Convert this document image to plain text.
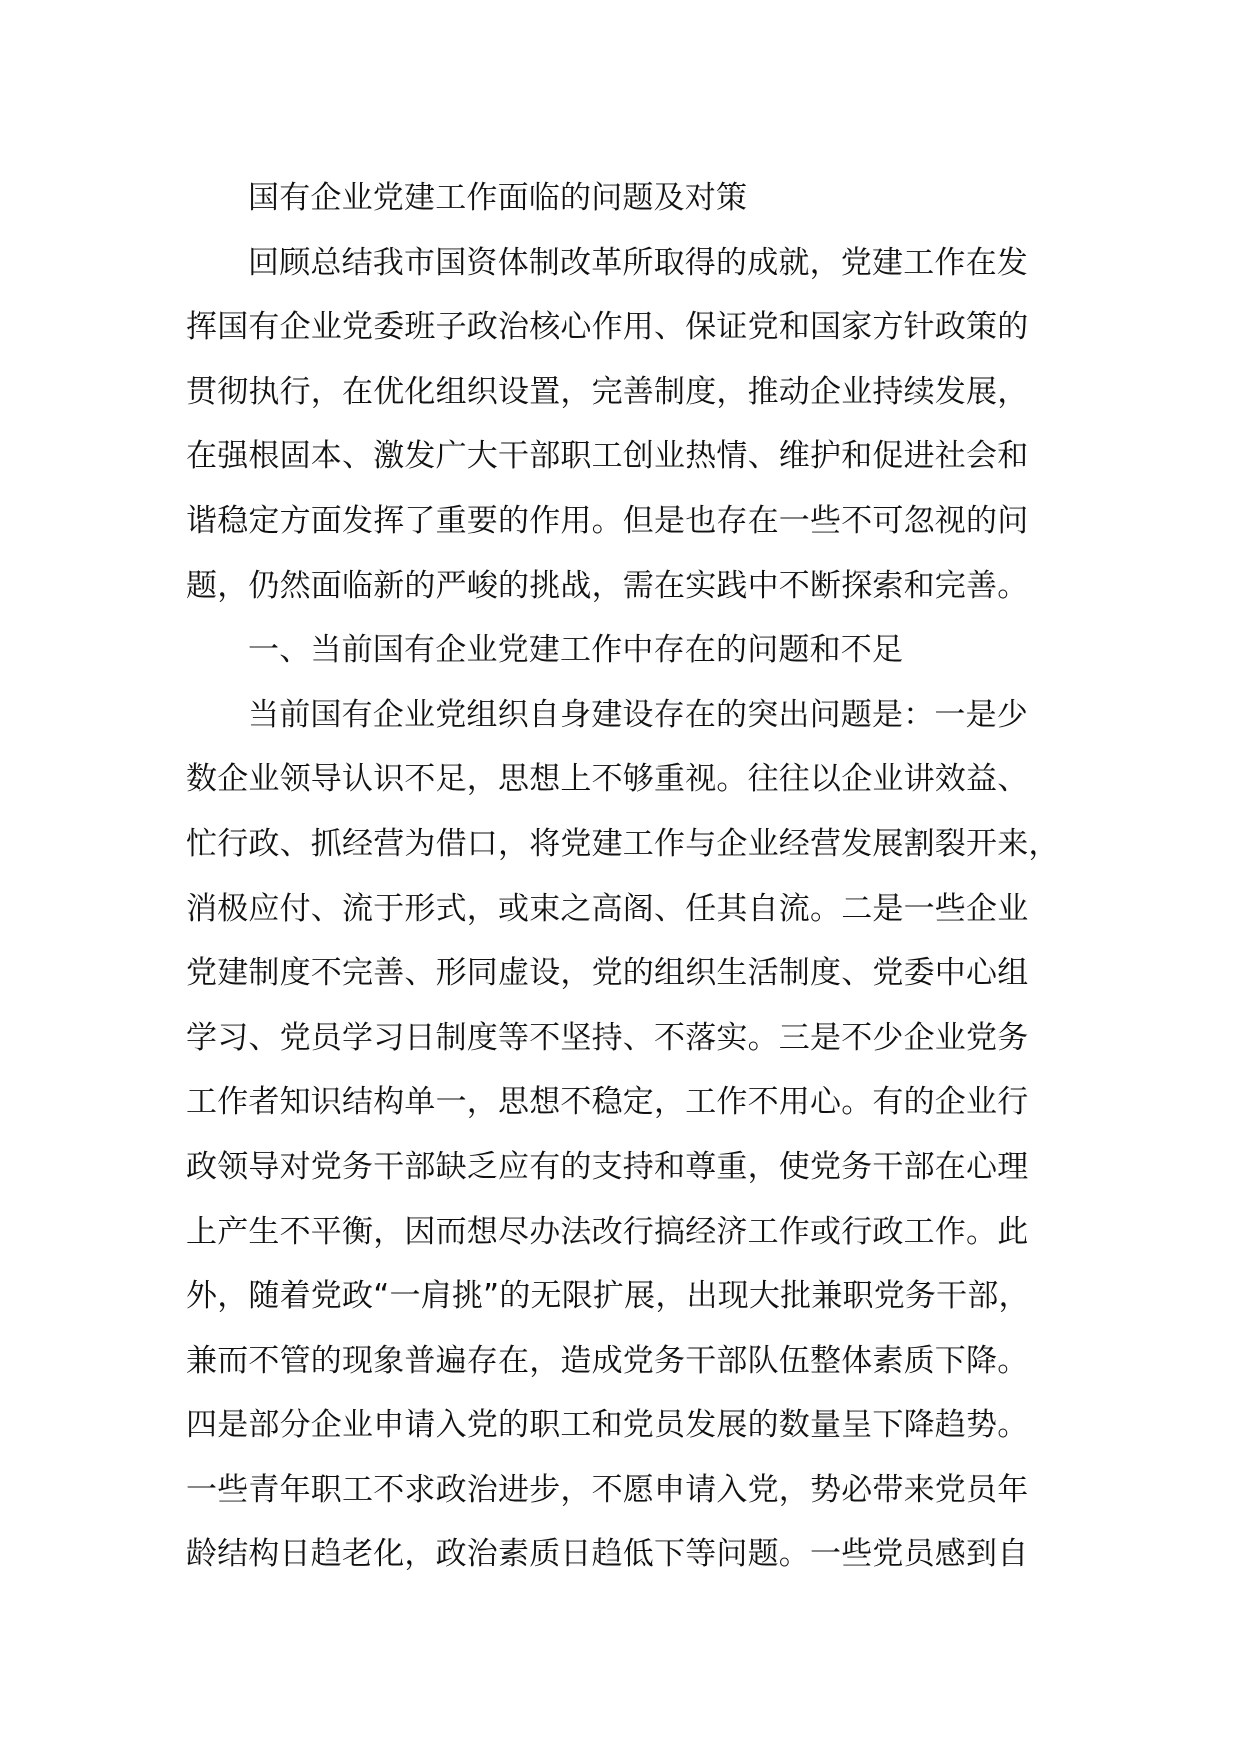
国有企业党建工作面临的问题及对策
回顾总结我市国资体制改革所取得的成就，党建工作在发
挥国有企业党委班子政治核心作用、保证党和国家方针政策的
贯彻执行，在优化组织设置，完善制度，推动企业持续发展，
在强根固本、激发广大干部职工创业热情、维护和促进社会和
谐稳定方面发挥了重要的作用。但是也存在一些不可忽视的问
题，仍然面临新的严峻的挑战，需在实践中不断探索和完善。
一、当前国有企业党建工作中存在的问题和不足
当前国有企业党组织自身建设存在的突出问题是：一是少
数企业领导认识不足，思想上不够重视。往往以企业讲效益、
忙行政、抓经营为借口，将党建工作与企业经营发展割裂开来，
消极应付、流于形式，或束之高阁、任其自流。二是一些企业
党建制度不完善、形同虚设，党的组织生活制度、党委中心组
学习、党员学习日制度等不坚持、不落实。三是不少企业党务
工作者知识结构单一，思想不稳定，工作不用心。有的企业行
政领导对党务干部缺乏应有的支持和尊重，使党务干部在心理
上产生不平衡，因而想尽办法改行搞经济工作或行政工作。此
外，随着党政“一肩挑”的无限扩展，出现大批兼职党务干部，
兼而不管的现象普遍存在，造成党务干部队伍整体素质下降。
四是部分企业申请入党的职工和党员发展的数量呈下降趋势。
一些青年职工不求政治进步，不愿申请入党，势必带来党员年
龄结构日趋老化，政治素质日趋低下等问题。一些党员感到自
